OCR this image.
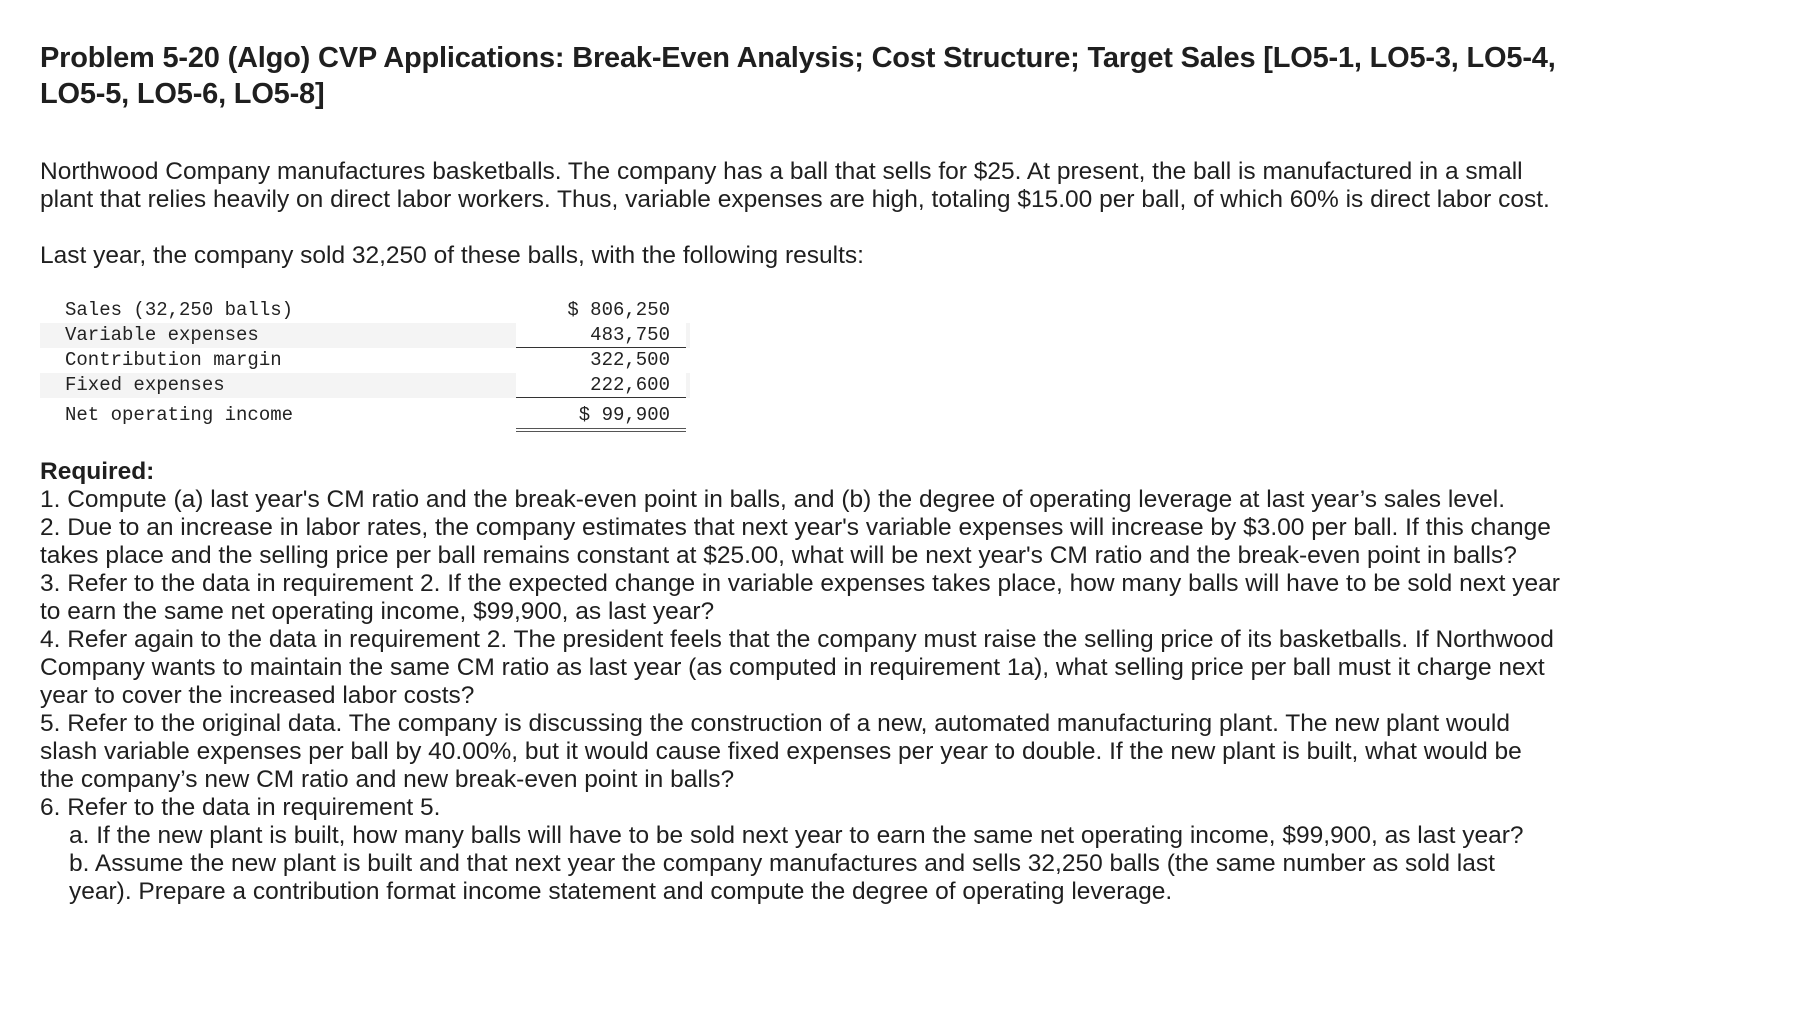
Problem 5-20 (Algo) CVP Applications: Break-Even Analysis; Cost Structure; Target Sales [LO5-1, LO5-3, LO5-4, LO5-5, LO5-6, LO5-8]

Northwood Company manufactures basketballs. The company has a ball that sells for $25. At present, the ball is manufactured in a small plant that relies heavily on direct labor workers. Thus, variable expenses are high, totaling $15.00 per ball, of which 60% is direct labor cost.

Last year, the company sold 32,250 of these balls, with the following results:

Sales (32,250 balls)	$ 806,250
Variable expenses	483,750
Contribution margin	322,500
Fixed expenses	222,600
Net operating income	$ 99,900
Required:
1. Compute (a) last year's CM ratio and the break-even point in balls, and (b) the degree of operating leverage at last year’s sales level.
2. Due to an increase in labor rates, the company estimates that next year's variable expenses will increase by $3.00 per ball. If this change takes place and the selling price per ball remains constant at $25.00, what will be next year's CM ratio and the break-even point in balls?
3. Refer to the data in requirement 2. If the expected change in variable expenses takes place, how many balls will have to be sold next year to earn the same net operating income, $99,900, as last year?
4. Refer again to the data in requirement 2. The president feels that the company must raise the selling price of its basketballs. If Northwood Company wants to maintain the same CM ratio as last year (as computed in requirement 1a), what selling price per ball must it charge next year to cover the increased labor costs?
5. Refer to the original data. The company is discussing the construction of a new, automated manufacturing plant. The new plant would slash variable expenses per ball by 40.00%, but it would cause fixed expenses per year to double. If the new plant is built, what would be the company’s new CM ratio and new break-even point in balls?
6. Refer to the data in requirement 5.
a. If the new plant is built, how many balls will have to be sold next year to earn the same net operating income, $99,900, as last year?
b. Assume the new plant is built and that next year the company manufactures and sells 32,250 balls (the same number as sold last year). Prepare a contribution format income statement and compute the degree of operating leverage.
